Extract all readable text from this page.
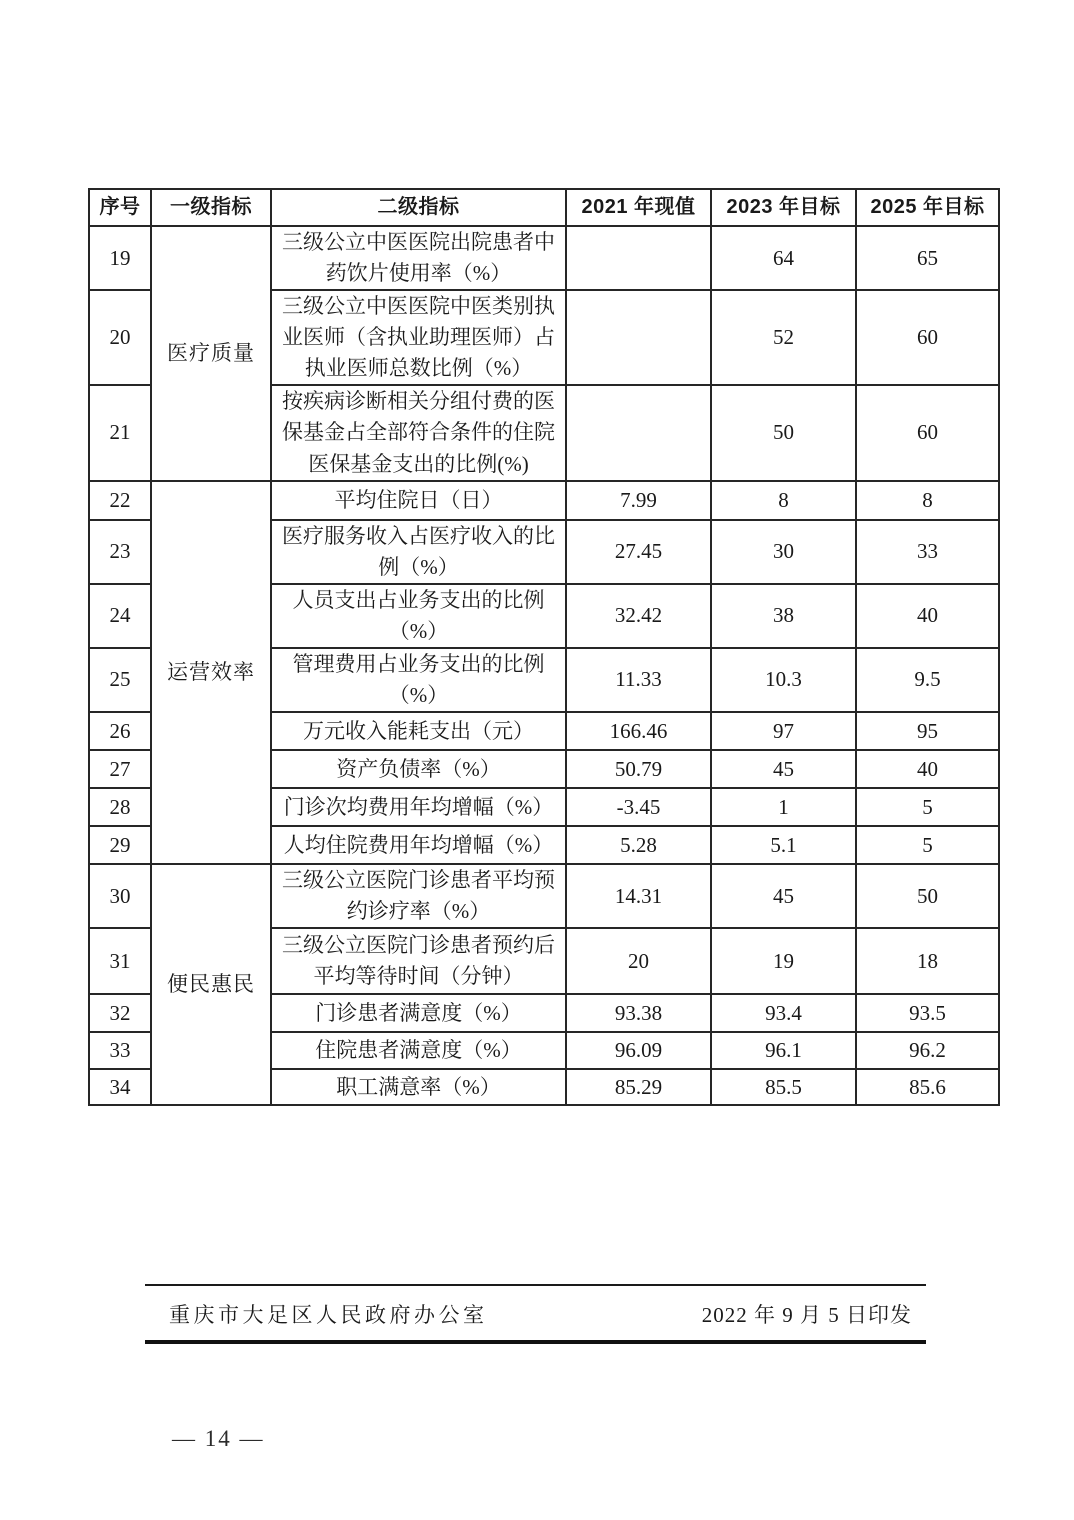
序号	一级指标	二级指标	2021 年现值	2023 年目标	2025 年目标
19	医疗质量	三级公立中医医院出院患者中药饮片使用率（%）		64	65
20		三级公立中医医院中医类别执业医师（含执业助理医师）占执业医师总数比例（%）		52	60
21		按疾病诊断相关分组付费的医保基金占全部符合条件的住院医保基金支出的比例(%)		50	60
22	运营效率	平均住院日（日）	7.99	8	8
23		医疗服务收入占医疗收入的比例（%）	27.45	30	33
24		人员支出占业务支出的比例（%）	32.42	38	40
25		管理费用占业务支出的比例（%）	11.33	10.3	9.5
26		万元收入能耗支出（元）	166.46	97	95
27		资产负债率（%）	50.79	45	40
28		门诊次均费用年均增幅（%）	-3.45	1	5
29		人均住院费用年均增幅（%）	5.28	5.1	5
30	便民惠民	三级公立医院门诊患者平均预约诊疗率（%）	14.31	45	50
31		三级公立医院门诊患者预约后平均等待时间（分钟）	20	19	18
32		门诊患者满意度（%）	93.38	93.4	93.5
33		住院患者满意度（%）	96.09	96.1	96.2
34		职工满意率（%）	85.29	85.5	85.6
重庆市大足区人民政府办公室	2022 年 9 月 5 日印发
— 14 —
